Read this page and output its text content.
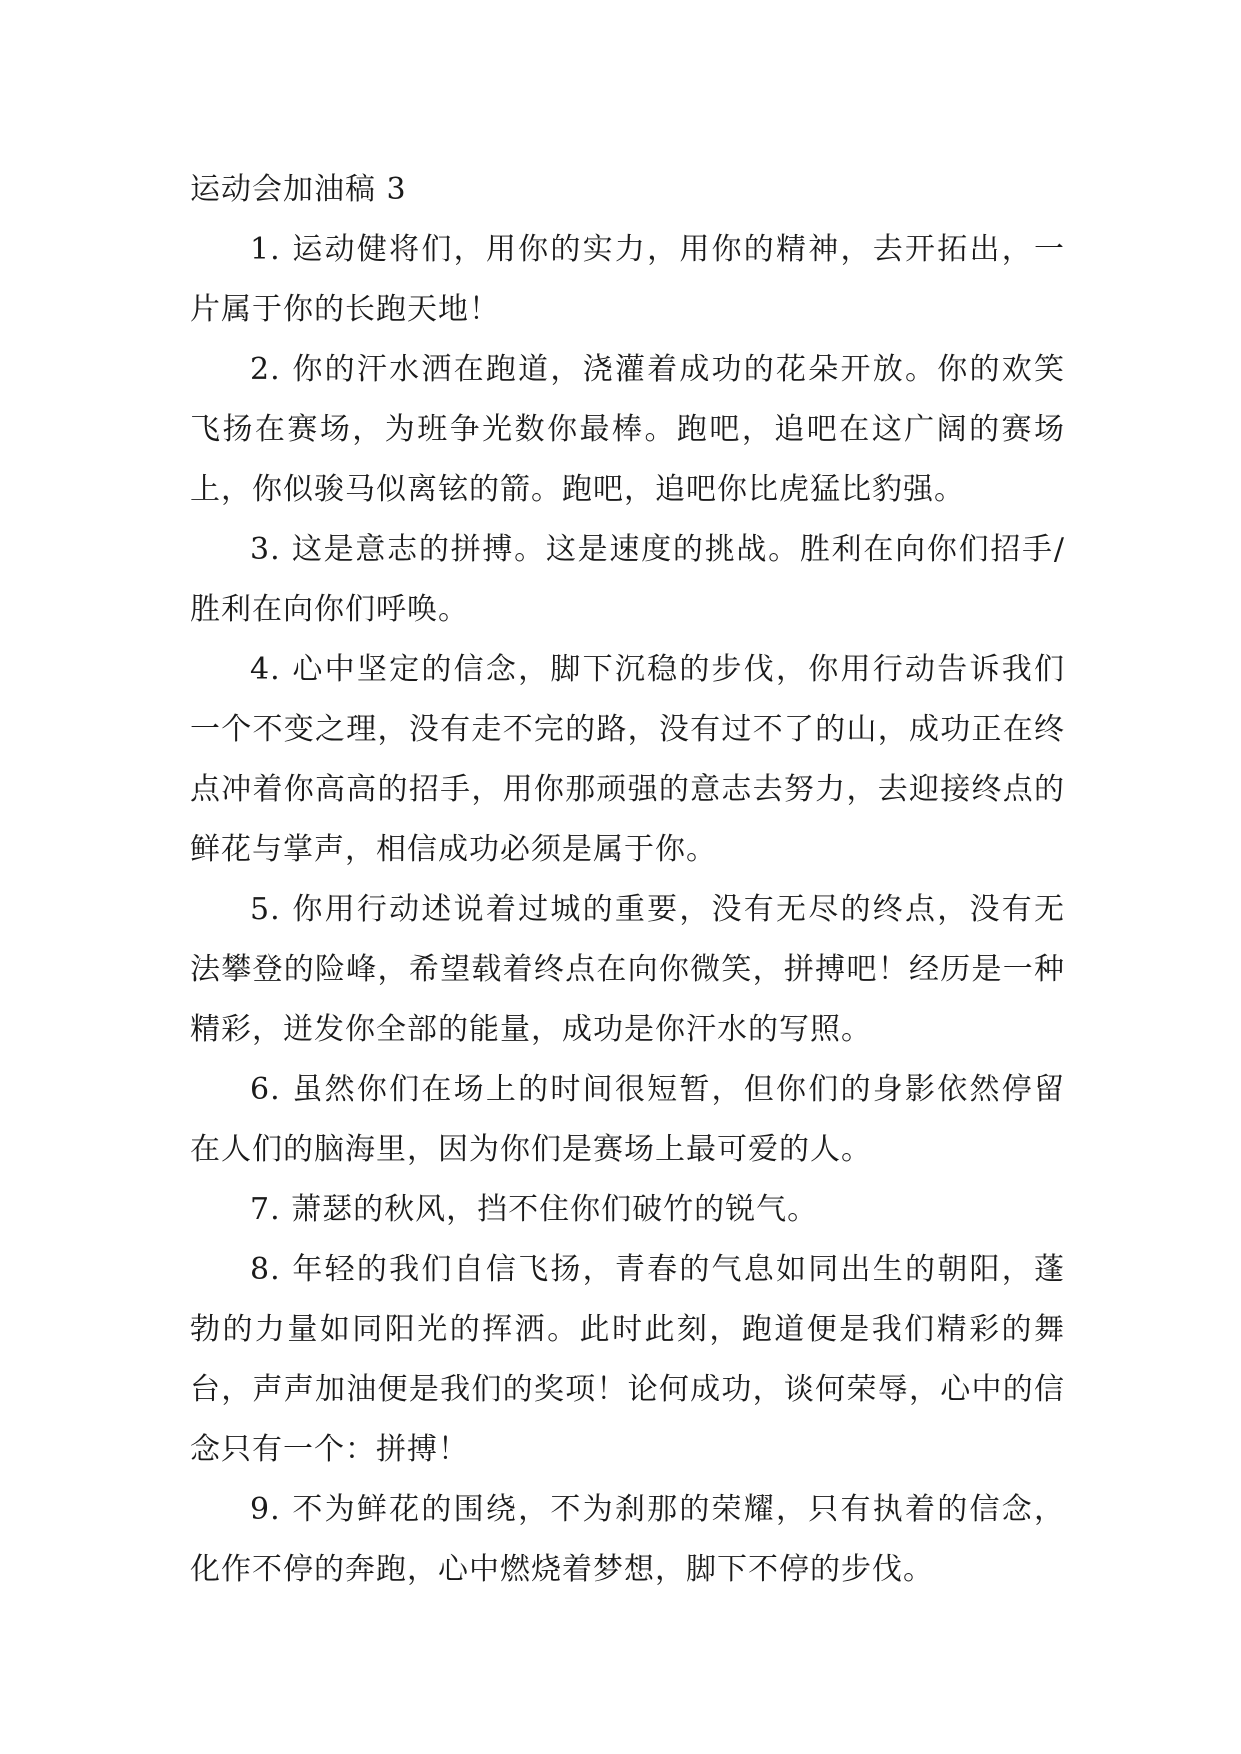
运动会加油稿 3

1. 运动健将们，用你的实力，用你的精神，去开拓出，一片属于你的长跑天地！

2. 你的汗水洒在跑道，浇灌着成功的花朵开放。你的欢笑飞扬在赛场，为班争光数你最棒。跑吧，追吧在这广阔的赛场上，你似骏马似离铉的箭。跑吧，追吧你比虎猛比豹强。

3. 这是意志的拼搏。这是速度的挑战。胜利在向你们招手/胜利在向你们呼唤。

4. 心中坚定的信念，脚下沉稳的步伐，你用行动告诉我们一个不变之理，没有走不完的路，没有过不了的山，成功正在终点冲着你高高的招手，用你那顽强的意志去努力，去迎接终点的鲜花与掌声，相信成功必须是属于你。

5. 你用行动述说着过城的重要，没有无尽的终点，没有无法攀登的险峰，希望载着终点在向你微笑，拼搏吧！经历是一种精彩，迸发你全部的能量，成功是你汗水的写照。

6. 虽然你们在场上的时间很短暂，但你们的身影依然停留在人们的脑海里，因为你们是赛场上最可爱的人。

7. 萧瑟的秋风，挡不住你们破竹的锐气。

8. 年轻的我们自信飞扬，青春的气息如同出生的朝阳，蓬勃的力量如同阳光的挥洒。此时此刻，跑道便是我们精彩的舞台，声声加油便是我们的奖项！论何成功，谈何荣辱，心中的信念只有一个：拼搏！

9. 不为鲜花的围绕，不为刹那的荣耀，只有执着的信念，化作不停的奔跑，心中燃烧着梦想，脚下不停的步伐。
